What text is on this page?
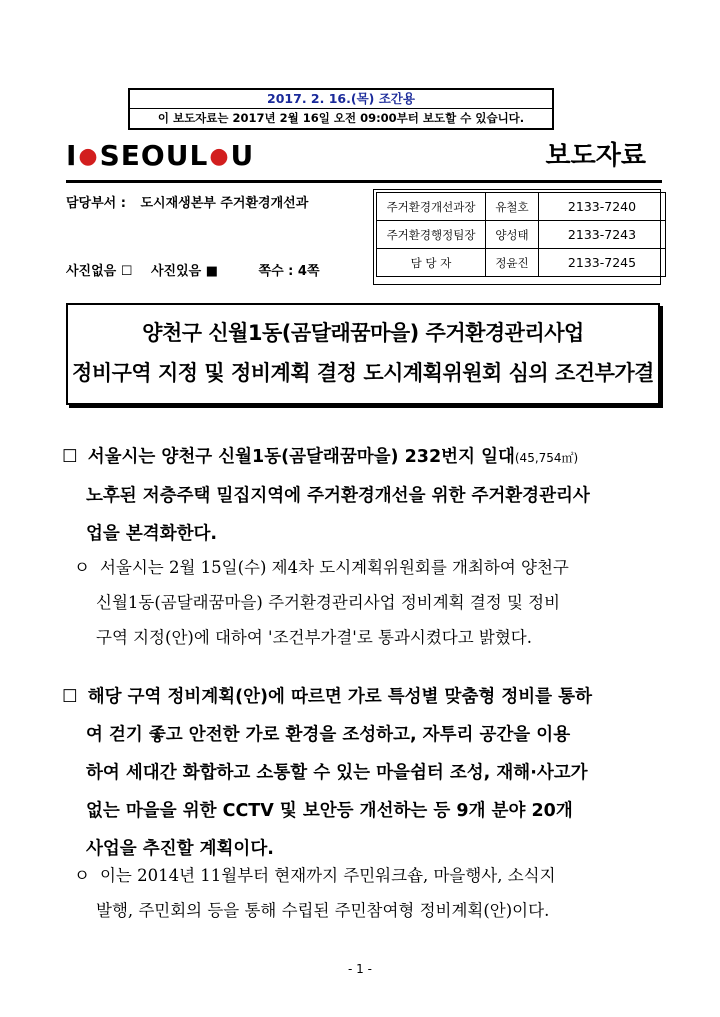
2017. 2. 16.(목) 조간용
이 보도자료는 2017년 2월 16일 오전 09:00부터 보도할 수 있습니다.
I●SEOUL●U	보도자료
담당부서 : 도시재생본부 주거환경개선과
사진없음 ☐ 사진있음 ■	쪽수 : 4쪽
주거환경개선과장	유철호	2133-7240
주거환경행정팀장	양성태	2133-7243
담 당 자	정윤진	2133-7245
양천구 신월1동(곰달래꿈마을) 주거환경관리사업
정비구역 지정 및 정비계획 결정 도시계획위원회 심의 조건부가결
☐ 서울시는 양천구 신월1동(곰달래꿈마을) 232번지 일대(45,754㎡)
노후된 저층주택 밀집지역에 주거환경개선을 위한 주거환경관리사
업을 본격화한다.
ㅇ 서울시는 2월 15일(수) 제4차 도시계획위원회를 개최하여 양천구
신월1동(곰달래꿈마을) 주거환경관리사업 정비계획 결정 및 정비
구역 지정(안)에 대하여 '조건부가결'로 통과시켰다고 밝혔다.
☐ 해당 구역 정비계획(안)에 따르면 가로 특성별 맞춤형 정비를 통하
여 걷기 좋고 안전한 가로 환경을 조성하고, 자투리 공간을 이용
하여 세대간 화합하고 소통할 수 있는 마을쉼터 조성, 재해·사고가
없는 마을을 위한 CCTV 및 보안등 개선하는 등 9개 분야 20개
사업을 추진할 계획이다.
ㅇ 이는 2014년 11월부터 현재까지 주민워크숍, 마을행사, 소식지
발행, 주민회의 등을 통해 수립된 주민참여형 정비계획(안)이다.
- 1 -
